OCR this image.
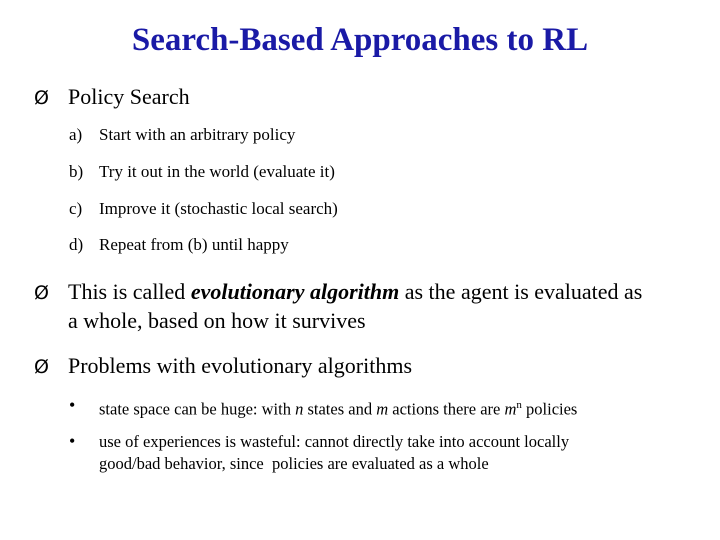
Search-Based Approaches to RL
Ø Policy Search
a) Start with an arbitrary policy
b) Try it out in the world (evaluate it)
c) Improve it (stochastic local search)
d) Repeat from (b) until happy
Ø This is called evolutionary algorithm as the agent is evaluated as
a whole, based on how it survives
Ø Problems with evolutionary algorithms
• state space can be huge: with n states and m actions there are $m^n$ policies
• use of experiences is wasteful: cannot directly take into account locally
good/bad behavior, since  policies are evaluated as a whole
